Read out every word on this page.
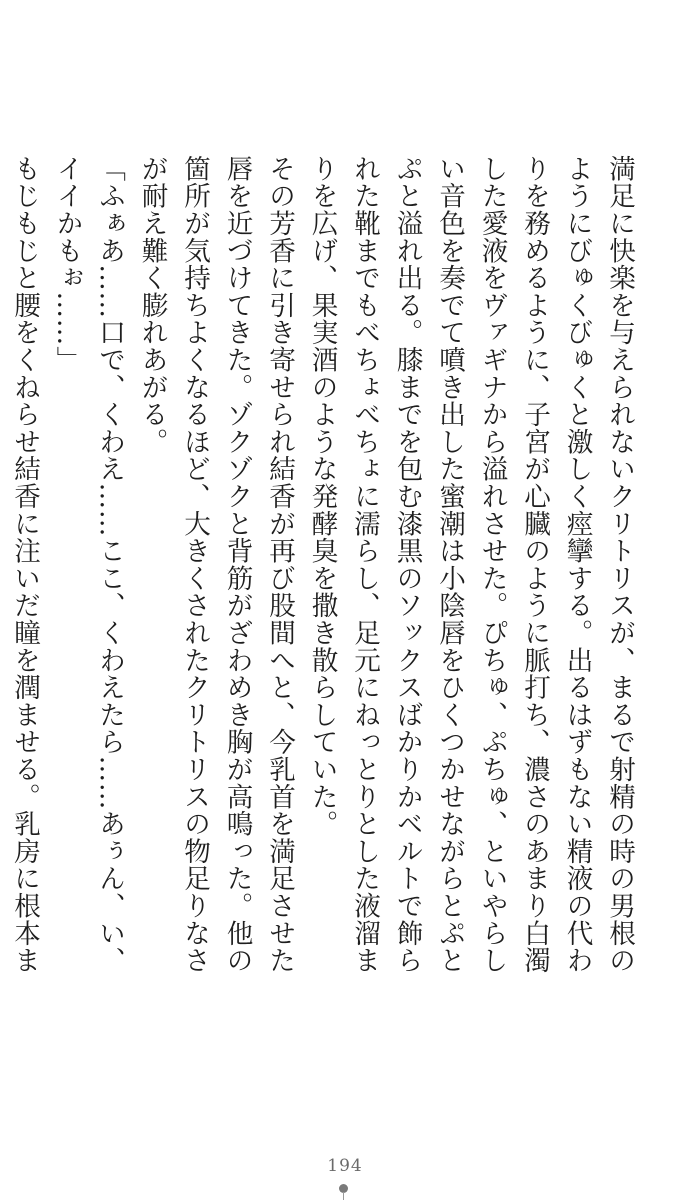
満足に快楽を与えられないクリトリスが、まるで射精の時の男根のようにびゅくびゅくと激しく痙攣する。出るはずもない精液の代わりを務めるように、子宮が心臓のように脈打ち、濃さのあまり白濁した愛液をヴァギナから溢れさせた。ぴちゅ、ぷちゅ、といやらしい音色を奏でて噴き出した蜜潮は小陰唇をひくつかせながらとぷとぷと溢れ出る。膝までを包む漆黒のソックスばかりかベルトで飾られた靴までもべちょべちょに濡らし、足元にねっとりとした液溜まりを広げ、果実酒のような発酵臭を撒き散らしていた。

その芳香に引き寄せられ結香が再び股間へと、今乳首を満足させた唇を近づけてきた。ゾクゾクと背筋がざわめき胸が高鳴った。他の箇所が気持ちよくなるほど、大きくされたクリトリスの物足りなさが耐え難く膨れあがる。

「ふぁあ……口で、くわえ……ここ、くわえたら……あぅん、い、イイかもぉ……」

もじもじと腰をくねらせ結香に注いだ瞳を潤ませる。乳房に根本ま

194
